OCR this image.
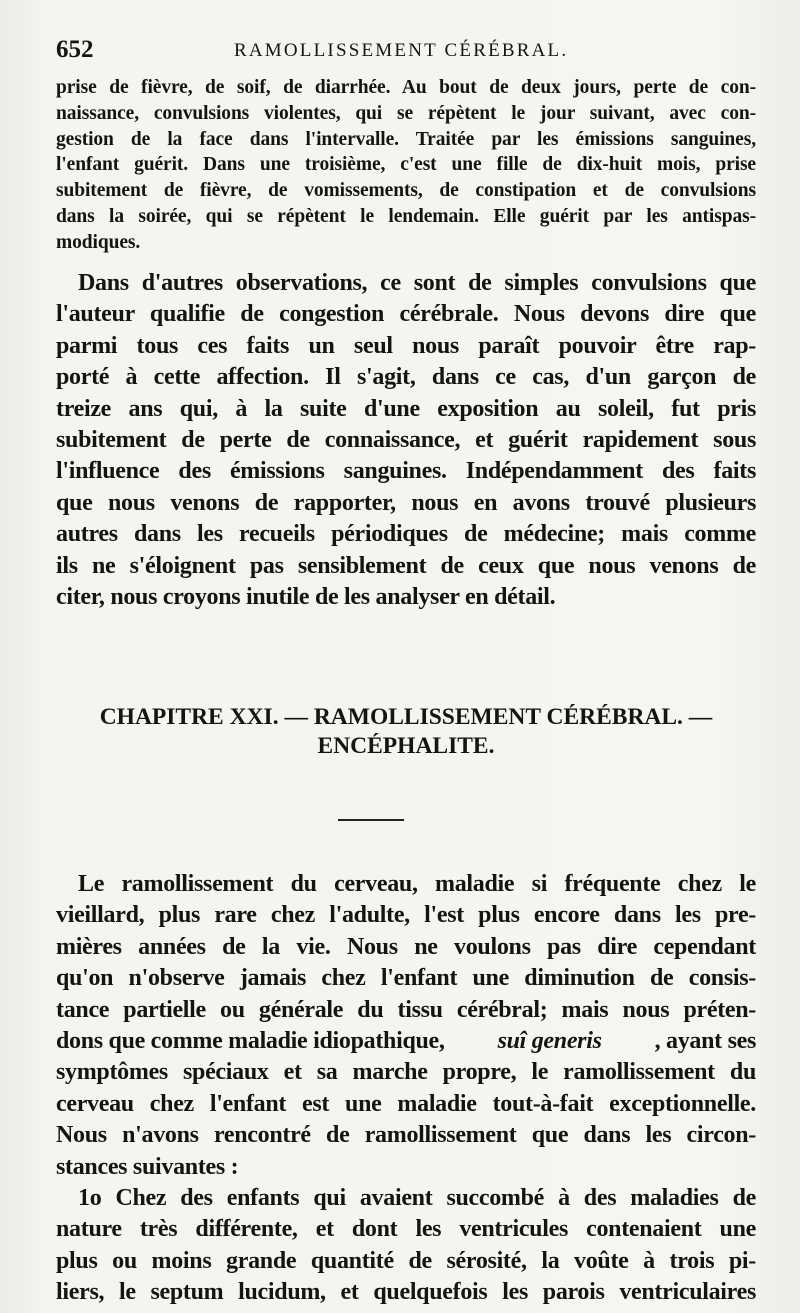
652	RAMOLLISSEMENT CÉRÉBRAL.
prise de fièvre, de soif, de diarrhée. Au bout de deux jours, perte de con-
naissance, convulsions violentes, qui se répètent le jour suivant, avec con-
gestion de la face dans l'intervalle. Traitée par les émissions sanguines,
l'enfant guérit. Dans une troisième, c'est une fille de dix-huit mois, prise
subitement de fièvre, de vomissements, de constipation et de convulsions
dans la soirée, qui se répètent le lendemain. Elle guérit par les antispas-
modiques.
Dans d'autres observations, ce sont de simples convulsions que
l'auteur qualifie de congestion cérébrale. Nous devons dire que
parmi tous ces faits un seul nous paraît pouvoir être rap-
porté à cette affection. Il s'agit, dans ce cas, d'un garçon de
treize ans qui, à la suite d'une exposition au soleil, fut pris
subitement de perte de connaissance, et guérit rapidement sous
l'influence des émissions sanguines. Indépendamment des faits
que nous venons de rapporter, nous en avons trouvé plusieurs
autres dans les recueils périodiques de médecine; mais comme
ils ne s'éloignent pas sensiblement de ceux que nous venons de
citer, nous croyons inutile de les analyser en détail.
CHAPITRE XXI. — RAMOLLISSEMENT CÉRÉBRAL. —
ENCÉPHALITE.
Le ramollissement du cerveau, maladie si fréquente chez le
vieillard, plus rare chez l'adulte, l'est plus encore dans les pre-
mières années de la vie. Nous ne voulons pas dire cependant
qu'on n'observe jamais chez l'enfant une diminution de consis-
tance partielle ou générale du tissu cérébral; mais nous préten-
dons que comme maladie idiopathique, suî generis , ayant ses
symptômes spéciaux et sa marche propre, le ramollissement du
cerveau chez l'enfant est une maladie tout-à-fait exceptionnelle.
Nous n'avons rencontré de ramollissement que dans les circon-
stances suivantes :
1o Chez des enfants qui avaient succombé à des maladies de
nature très différente, et dont les ventricules contenaient une
plus ou moins grande quantité de sérosité, la voûte à trois pi-
liers, le septum lucidum, et quelquefois les parois ventriculaires
